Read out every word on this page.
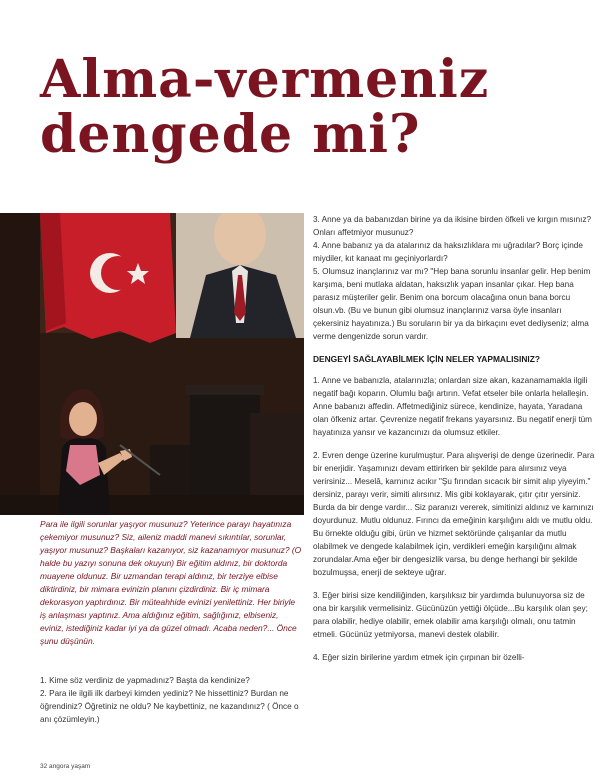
Alma-vermeniz dengede mi?

Para ile ilgili sorunlar yaşıyor musunuz? Yeterince parayı hayatınıza çekemiyor musunuz? Siz, aileniz maddi manevi sıkıntılar, sorunlar, yaşıyor musunuz? Başkaları kazanıyor, siz kazanamıyor musunuz? (O halde bu yazıyı sonuna dek okuyun) Bir eğitim aldınız, bir doktorda muayene oldunuz. Bir uzmandan terapi aldınız, bir terziye elbise diktirdiniz, bir mimara evinizin planını çizdirdiniz. Bir iç mimara dekorasyon yaptırdınız. Bir müteahhide evinizi yenilettiniz. Her biriyle iş anlaşması yaptınız. Ama aldığınız eğitim, sağlığınız, elbiseniz, eviniz, istediğiniz kadar iyi ya da güzel olmadı. Acaba neden?... Önce şunu düşünün.

1. Kime söz verdiniz de yapmadınız? Başta da kendinize?

2. Para ile ilgili ilk darbeyi kimden yediniz? Ne hissettiniz? Burdan ne öğrendiniz? Öğretiniz ne oldu? Ne kaybettiniz, ne kazandınız? ( Önce o anı çözümleyin.)

3. Anne ya da babanızdan birine ya da ikisine birden öfkeli ve kırgın mısınız? Onları affetmiyor musunuz?

4. Anne babanız ya da atalarınız da haksızlıklara mı uğradılar? Borç içinde miydiler, kıt kanaat mı geçiniyorlardı?

5. Olumsuz inançlarınız var mı? "Hep bana sorunlu insanlar gelir. Hep benim karşıma, beni mutlaka aldatan, haksızlık yapan insanlar çıkar. Hep bana parasız müşteriler gelir. Benim ona borcum olacağına onun bana borcu olsun.vb. (Bu ve bunun gibi olumsuz inançlarınız varsa öyle insanları çekersiniz hayatınıza.) Bu soruların bir ya da birkaçını evet dediyseniz; alma verme dengenizde sorun vardır.

DENGEYİ SAĞLAYABİLMEK İÇİN NELER YAPMALISINIZ?

1. Anne ve babanızla, atalarınızla; onlardan size akan, kazanamamakla ilgili negatif bağı koparın. Olumlu bağı artırın. Vefat etseler bile onlarla helalleşin. Anne babanızı affedin. Affetmediğiniz sürece, kendinize, hayata, Yaradana olan öfkeniz artar. Çevrenize negatif frekans yayarsınız. Bu negatif enerji tüm hayatınıza yansır ve kazancınızı da olumsuz etkiler.

2. Evren denge üzerine kurulmuştur. Para alışverişi de denge üzerinedir. Para bir enerjidir. Yaşamınızı devam ettirirken bir şekilde para alırsınız veya verirsiniz... Meselâ, karnınız acıkır "Şu fırından sıcacık bir simit alıp yiyeyim." dersiniz, parayı verir, simiti alırsınız. Mis gibi koklayarak, çıtır çıtır yersiniz. Burda da bir denge vardır... Siz paranızı vererek, simitinizi aldınız ve karnınızı doyurdunuz. Mutlu oldunuz. Fırıncı da emeğinin karşılığını aldı ve mutlu oldu. Bu örnekte olduğu gibi, ürün ve hizmet sektöründe çalışanlar da mutlu olabilmek ve dengede kalabilmek için, verdikleri emeğin karşılığını almak zorundalar.Ama eğer bir dengesizlik varsa, bu denge herhangi bir şekilde bozulmuşsa, enerji de sekteye uğrar.

3. Eğer birisi size kendiliğinden, karşılıksız bir yardımda bulunuyorsa siz de ona bir karşılık vermelisiniz. Gücünüzün yettiği ölçüde...Bu karşılık olan şey; para olabilir, hediye olabilir, emek olabilir ama karşılığı olmalı, onu tatmin etmeli. Gücünüz yetmiyorsa, manevi destek olabilir.

4. Eğer sizin birilerine yardım etmek için çırpınan bir özelli-

32 angora yaşam
